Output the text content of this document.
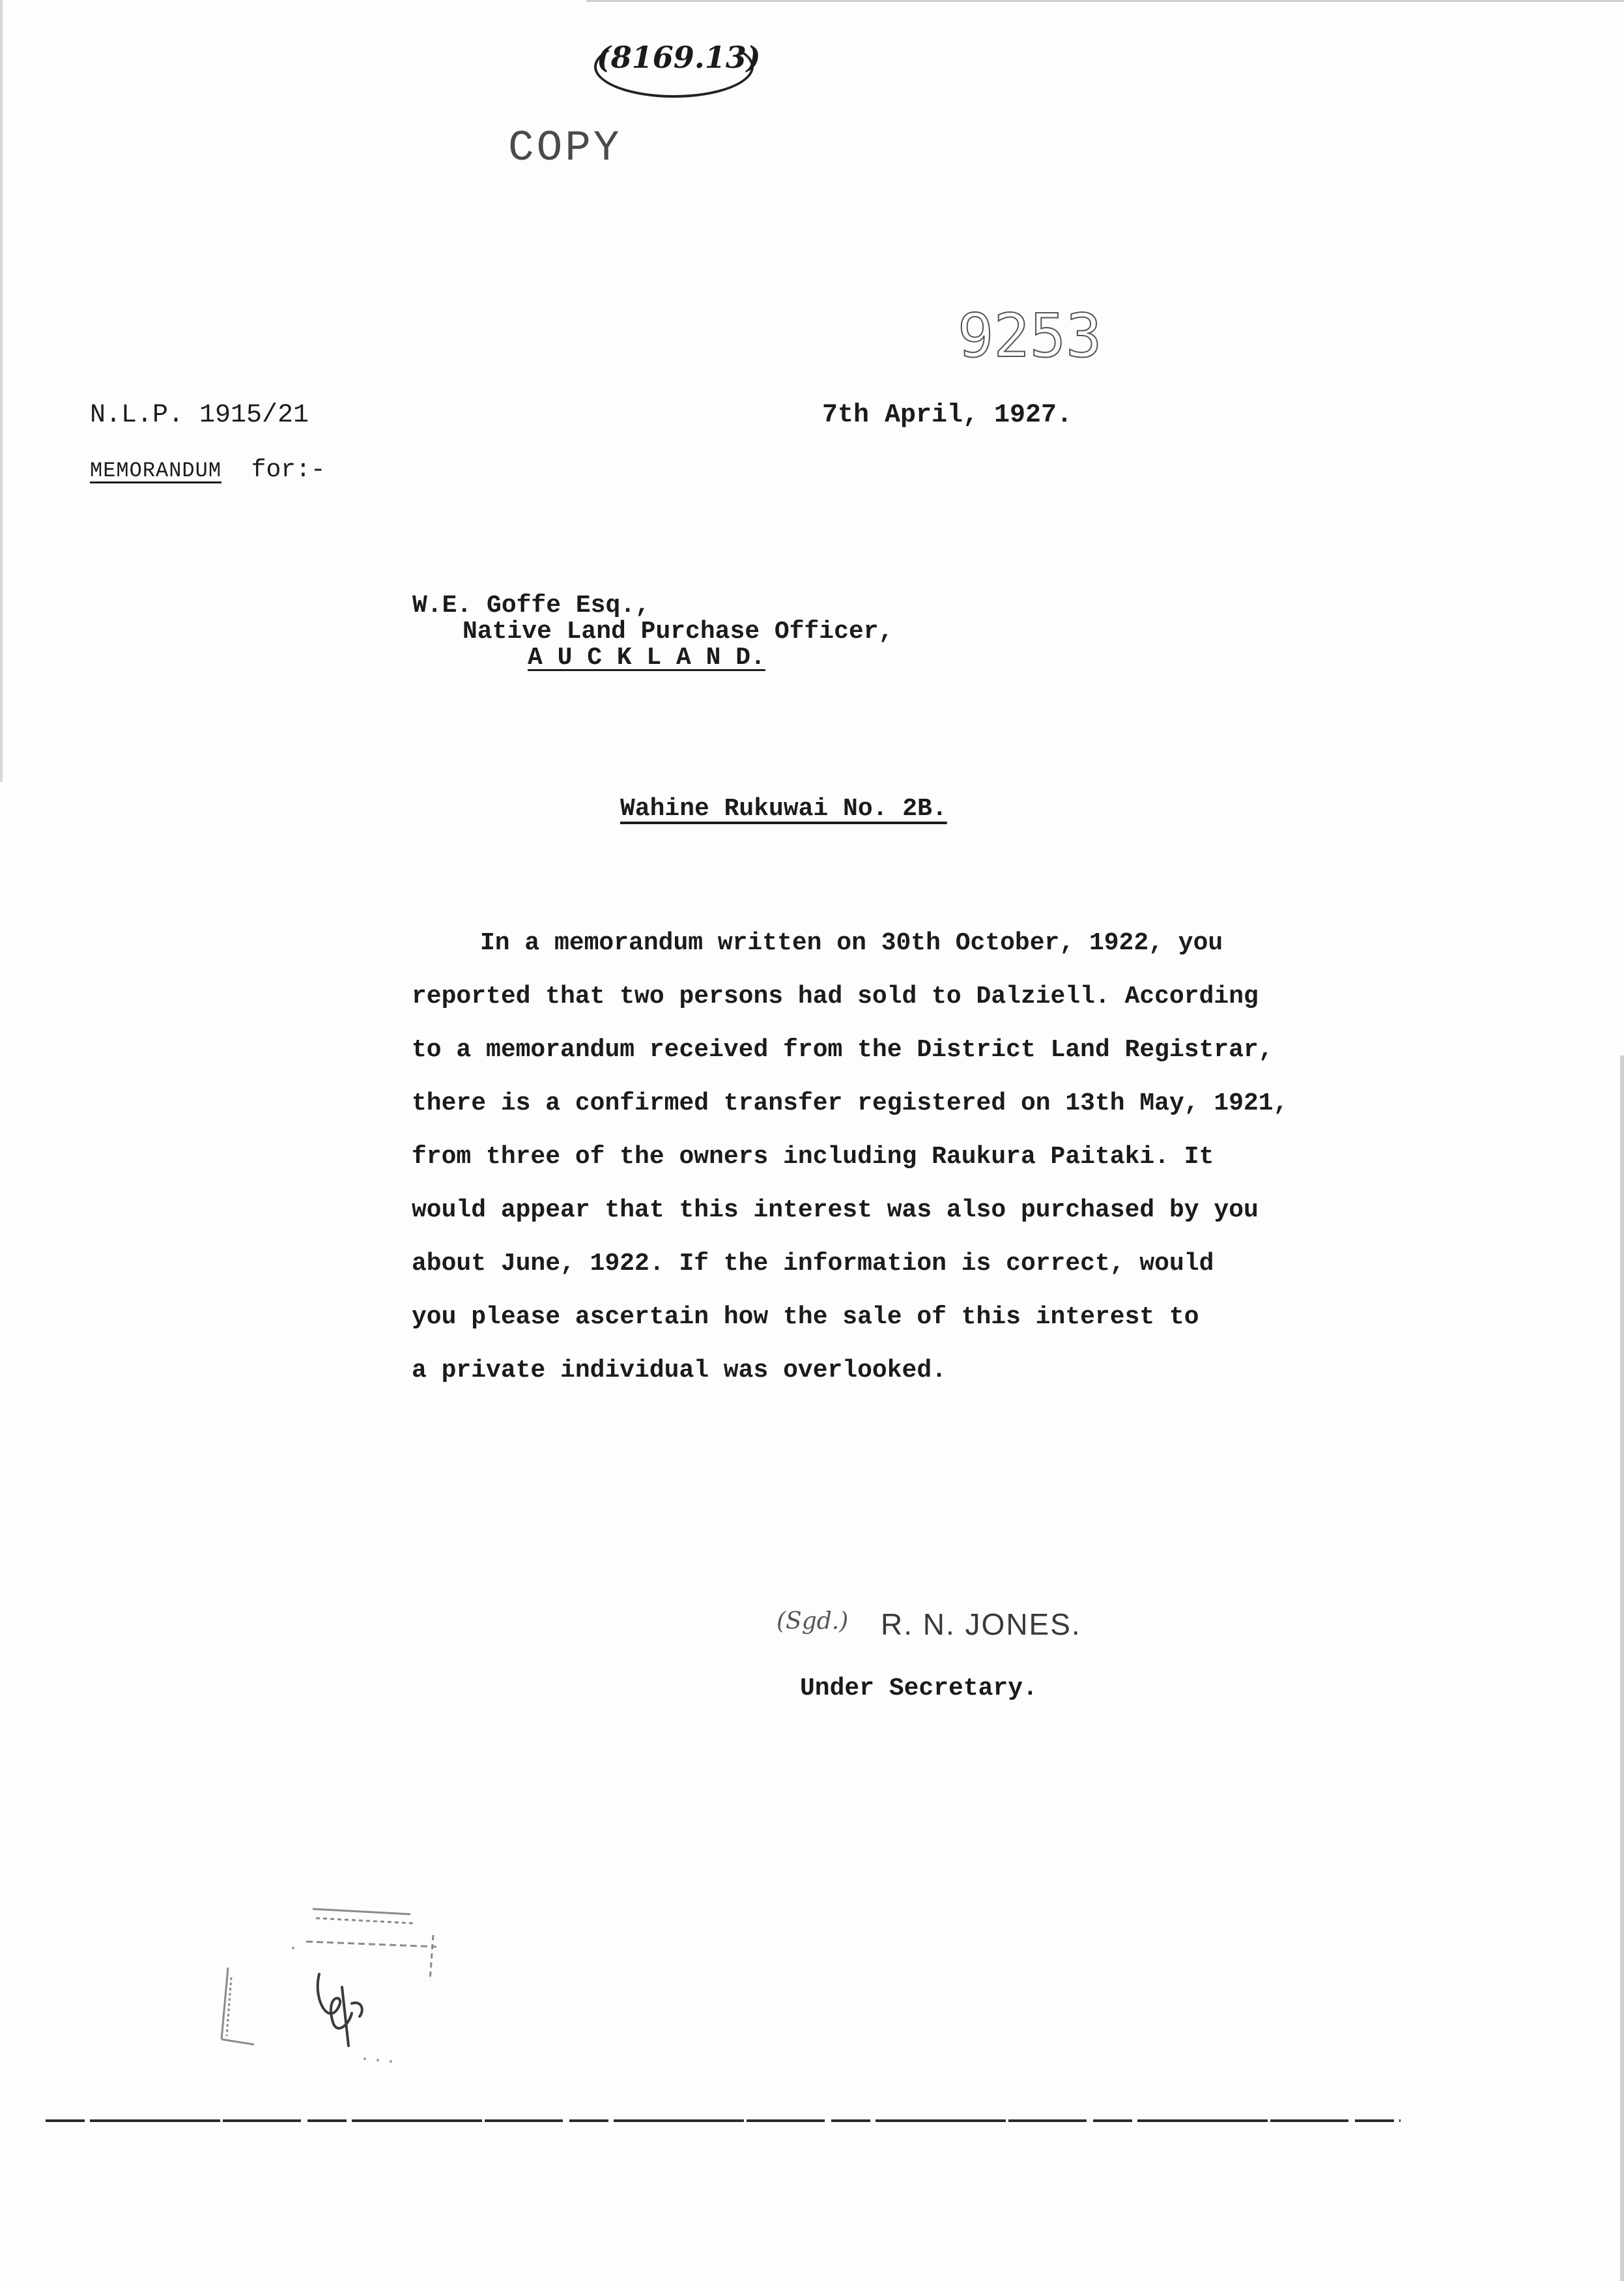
(8169.13)
COPY
9253
N.L.P. 1915/21	7th April, 1927.
MEMORANDUM for:-
W.E. Goffe Esq.,
Native Land Purchase Officer,
A U C K L A N D.
Wahine Rukuwai No. 2B.
In a memorandum written on 30th October, 1922, you
reported that two persons had sold to Dalziell. According
to a memorandum received from the District Land Registrar,
there is a confirmed transfer registered on 13th May, 1921,
from three of the owners including Raukura Paitaki. It
would appear that this interest was also purchased by you
about June, 1922. If the information is correct, would
you please ascertain how the sale of this interest to
a private individual was overlooked.
(Sgd.) R. N. JONES.
Under Secretary.
